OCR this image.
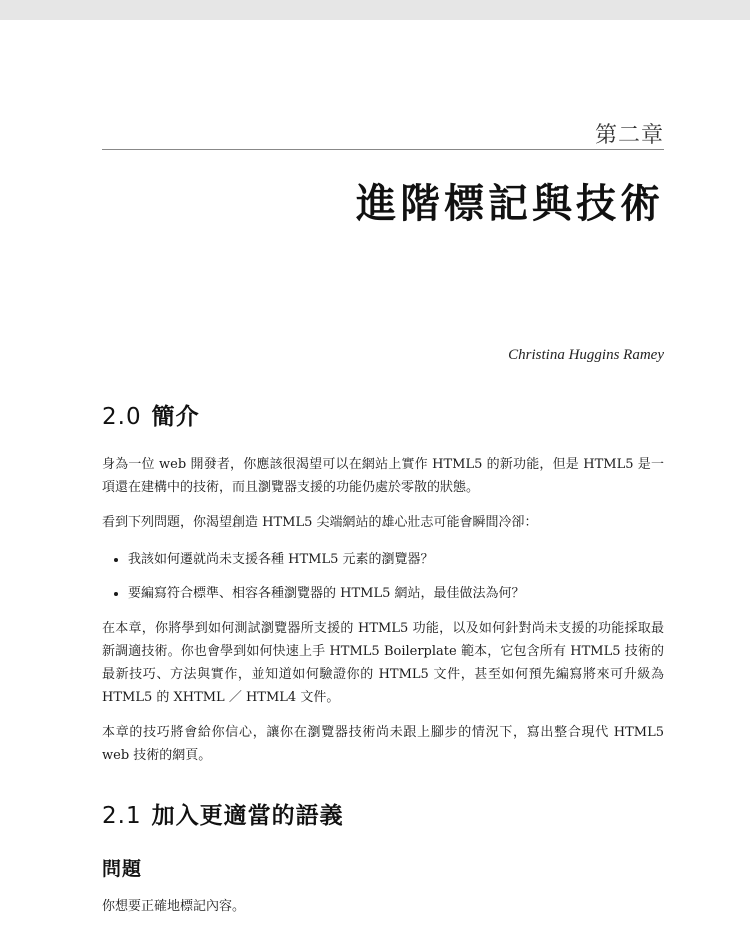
第二章
進階標記與技術
Christina Huggins Ramey
2.0 簡介

身為一位 web 開發者，你應該很渴望可以在網站上實作 HTML5 的新功能，但是 HTML5 是一項還在建構中的技術，而且瀏覽器支援的功能仍處於零散的狀態。

看到下列問題，你渴望創造 HTML5 尖端網站的雄心壯志可能會瞬間冷卻：

• 我該如何遷就尚未支援各種 HTML5 元素的瀏覽器？
• 要編寫符合標準、相容各種瀏覽器的 HTML5 網站，最佳做法為何？

在本章，你將學到如何測試瀏覽器所支援的 HTML5 功能，以及如何針對尚未支援的功能採取最新調適技術。你也會學到如何快速上手 HTML5 Boilerplate 範本，它包含所有 HTML5 技術的最新技巧、方法與實作，並知道如何驗證你的 HTML5 文件，甚至如何預先編寫將來可升級為 HTML5 的 XHTML ／ HTML4 文件。

本章的技巧將會給你信心，讓你在瀏覽器技術尚未跟上腳步的情況下，寫出整合現代 HTML5 web 技術的網頁。

2.1 加入更適當的語義
問題

你想要正確地標記內容。
